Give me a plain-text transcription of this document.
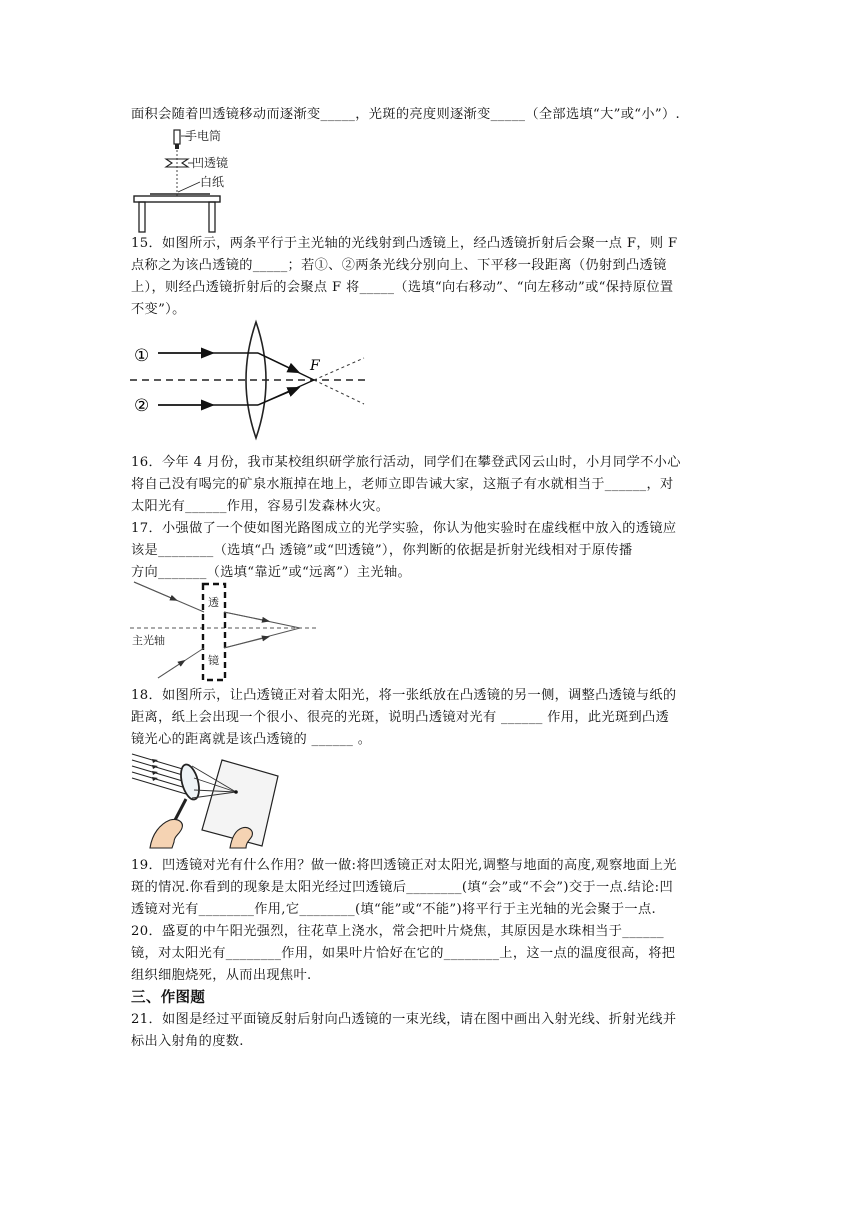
面积会随着凹透镜移动而逐渐变_____，光斑的亮度则逐渐变_____（全部选填“大”或“小”）.
手电筒
凹透镜
白纸
15．如图所示，两条平行于主光轴的光线射到凸透镜上，经凸透镜折射后会聚一点 F，则 F
点称之为该凸透镜的_____；若①、②两条光线分别向上、下平移一段距离（仍射到凸透镜
上），则经凸透镜折射后的会聚点 F 将_____（选填“向右移动”、“向左移动”或“保持原位置
不变”）。
①
②
F
16．今年 4 月份，我市某校组织研学旅行活动，同学们在攀登武冈云山时，小月同学不小心
将自己没有喝完的矿泉水瓶掉在地上，老师立即告诫大家，这瓶子有水就相当于______，对
太阳光有______作用，容易引发森林火灾。
17．小强做了一个使如图光路图成立的光学实验，你认为他实验时在虚线框中放入的透镜应
该是________（选填“凸 透镜”或“凹透镜”），你判断的依据是折射光线相对于原传播
方向_______（选填“靠近”或“远离”）主光轴。
主光轴
透
镜
18．如图所示，让凸透镜正对着太阳光，将一张纸放在凸透镜的另一侧，调整凸透镜与纸的
距离，纸上会出现一个很小、很亮的光斑，说明凸透镜对光有 ______ 作用，此光斑到凸透
镜光心的距离就是该凸透镜的 ______ 。
19．凹透镜对光有什么作用？做一做:将凹透镜正对太阳光,调整与地面的高度,观察地面上光
斑的情况.你看到的现象是太阳光经过凹透镜后________(填“会”或“不会”)交于一点.结论:凹
透镜对光有________作用,它________(填“能”或“不能”)将平行于主光轴的光会聚于一点.
20．盛夏的中午阳光强烈，往花草上浇水，常会把叶片烧焦，其原因是水珠相当于______
镜，对太阳光有________作用，如果叶片恰好在它的________上，这一点的温度很高，将把
组织细胞烧死，从而出现焦叶.
三、作图题
21．如图是经过平面镜反射后射向凸透镜的一束光线，请在图中画出入射光线、折射光线并
标出入射角的度数.
